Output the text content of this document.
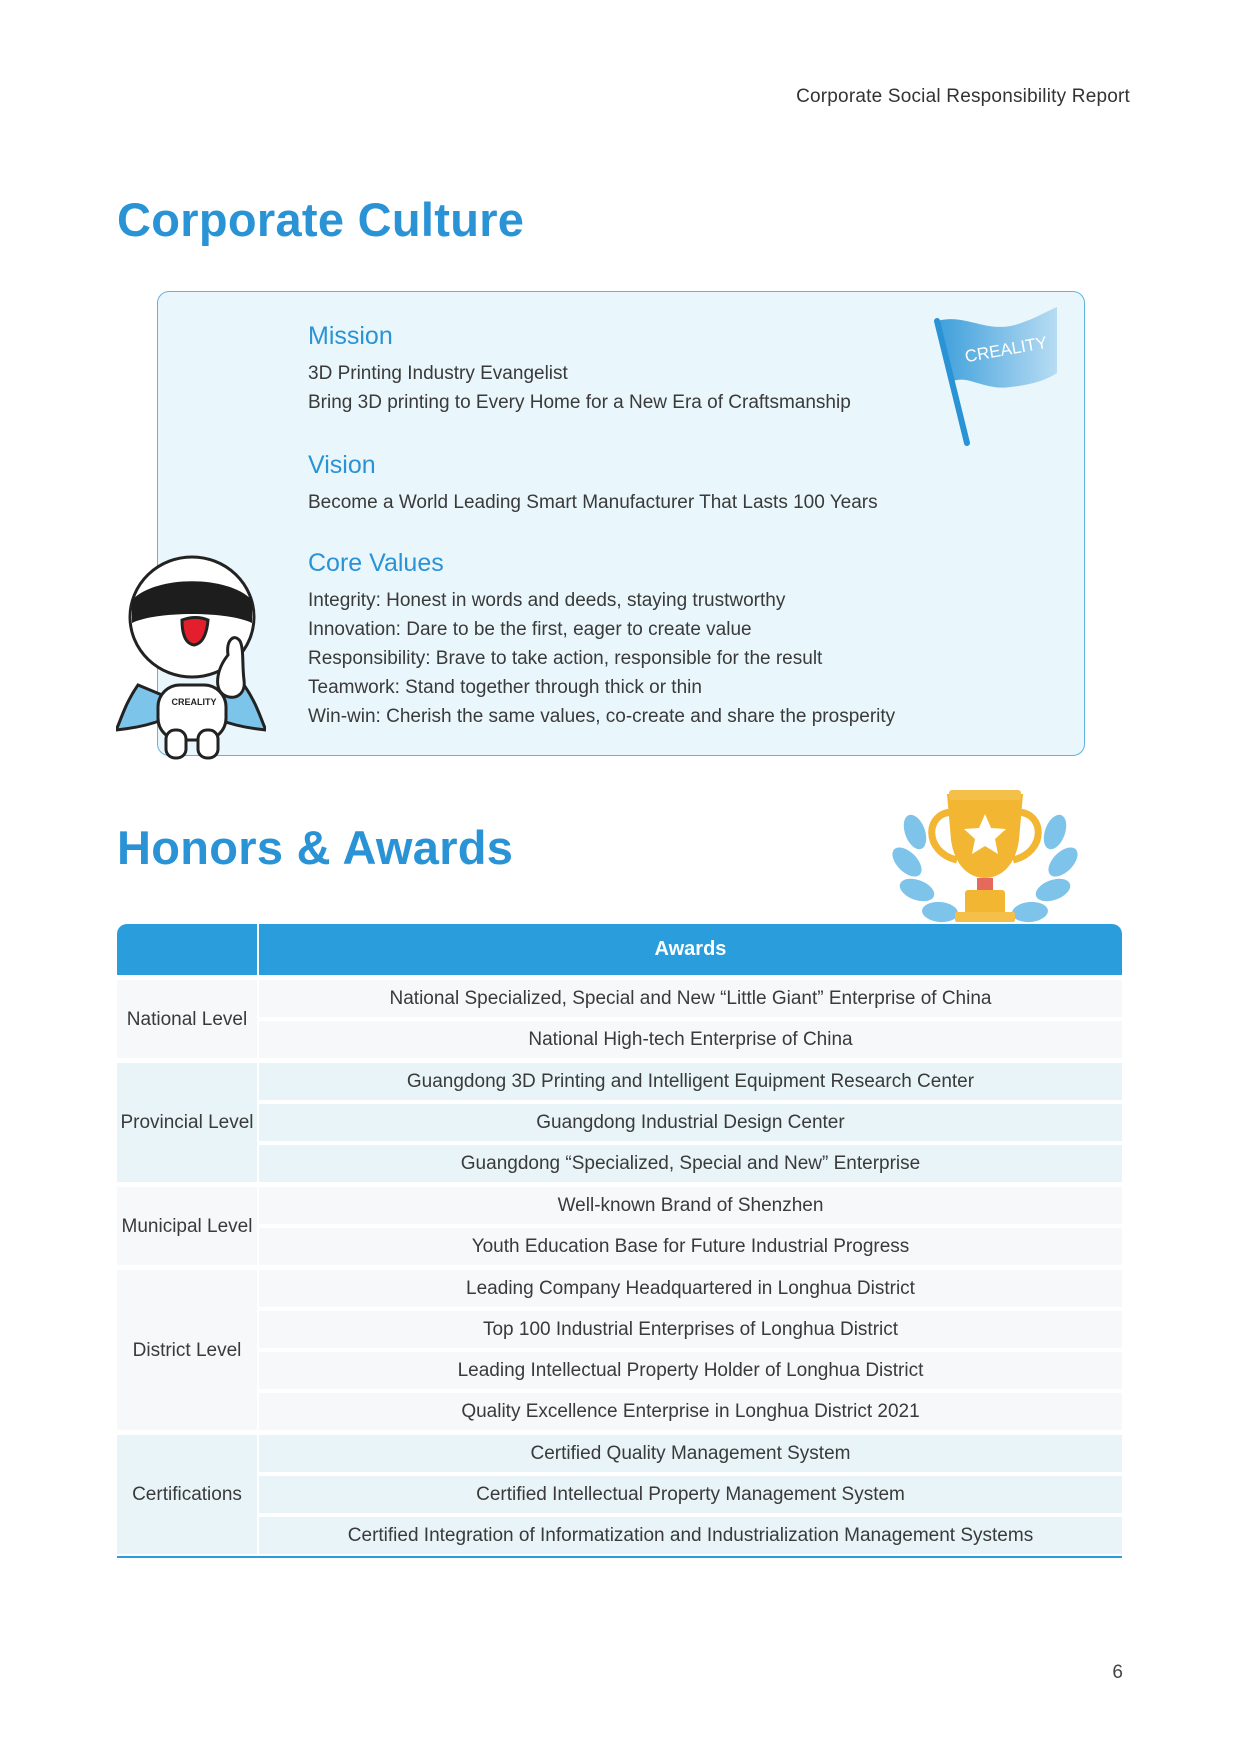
Corporate Social Responsibility Report
Corporate Culture
Mission

3D Printing Industry Evangelist

Bring 3D printing to Every Home for a New Era of Craftsmanship

Vision

Become a World Leading Smart Manufacturer That Lasts 100 Years

Core Values

Integrity: Honest in words and deeds, staying trustworthy

Innovation: Dare to be the first, eager to create value

Responsibility: Brave to take action, responsible for the result

Teamwork: Stand together through thick or thin

Win-win: Cherish the same values, co-create and share the prosperity

CREALITY
CREALITY
Honors & Awards
Awards
National Level
National Specialized, Special and New “Little Giant” Enterprise of China
National High-tech Enterprise of China
Provincial Level
Guangdong 3D Printing and Intelligent Equipment Research Center
Guangdong Industrial Design Center
Guangdong “Specialized, Special and New” Enterprise
Municipal Level
Well-known Brand of Shenzhen
Youth Education Base for Future Industrial Progress
District Level
Leading Company Headquartered in Longhua District
Top 100 Industrial Enterprises of Longhua District
Leading Intellectual Property Holder of Longhua District
Quality Excellence Enterprise in Longhua District 2021
Certifications
Certified Quality Management System
Certified Intellectual Property Management System
Certified Integration of Informatization and Industrialization Management Systems
6
